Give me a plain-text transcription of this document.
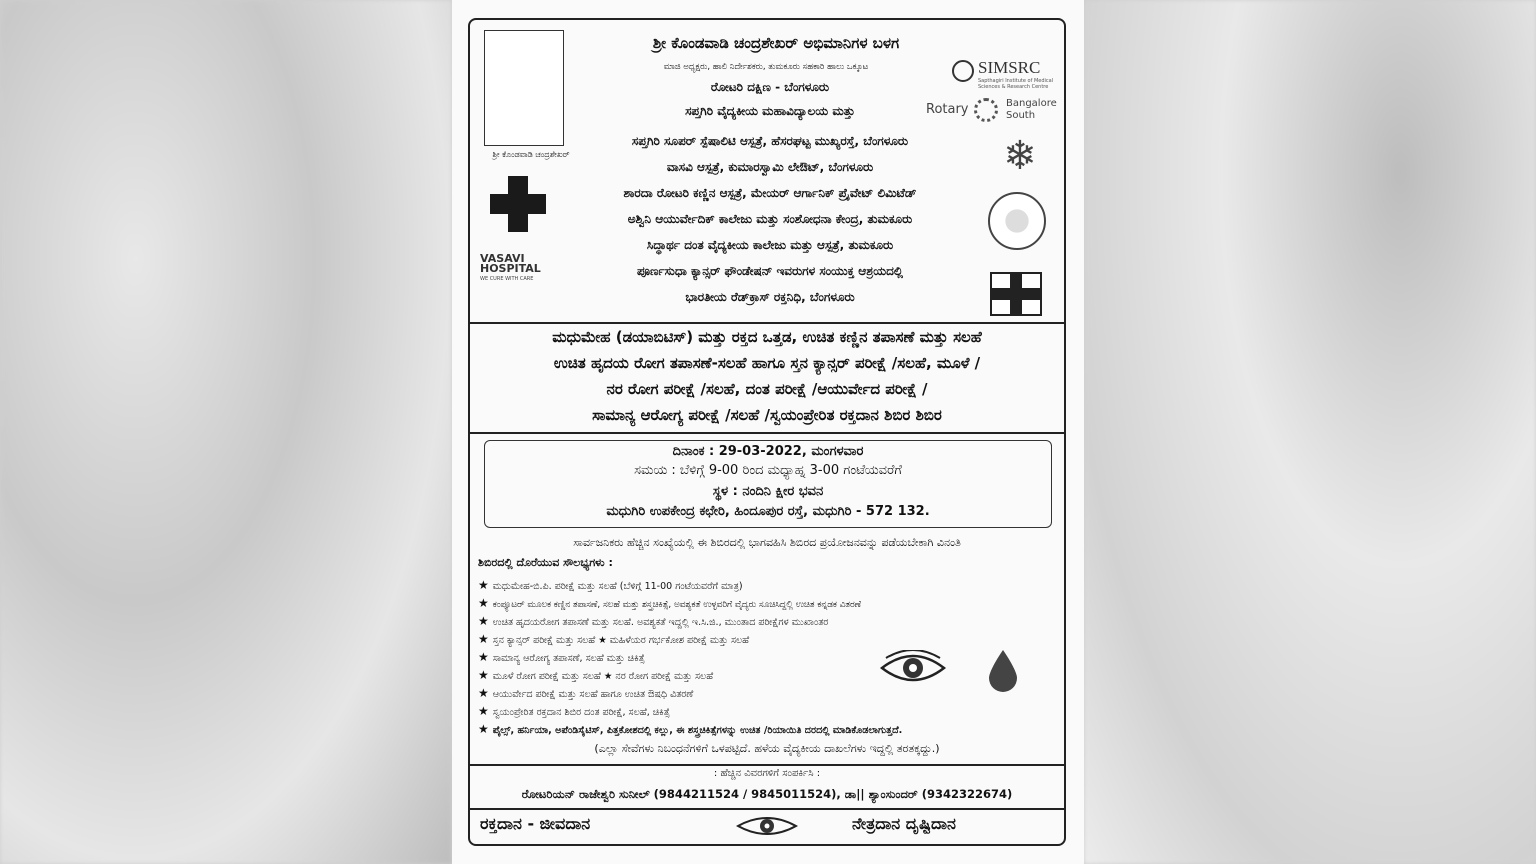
ಶ್ರೀ ಕೊಂಡವಾಡಿ ಚಂದ್ರಶೇಖರ್
ಶ್ರೀ ಕೊಂಡವಾಡಿ ಚಂದ್ರಶೇಖರ್ ಅಭಿಮಾನಿಗಳ ಬಳಗ
ಮಾಜಿ ಅಧ್ಯಕ್ಷರು, ಹಾಲಿ ನಿರ್ದೇಶಕರು, ತುಮಕೂರು ಸಹಕಾರಿ ಹಾಲು ಒಕ್ಕೂಟ
ರೋಟರಿ ದಕ್ಷಿಣ - ಬೆಂಗಳೂರು
ಸಪ್ತಗಿರಿ ವೈದ್ಯಕೀಯ ಮಹಾವಿದ್ಯಾಲಯ ಮತ್ತು
ಸಪ್ತಗಿರಿ ಸೂಪರ್ ಸ್ಪೆಷಾಲಿಟಿ ಆಸ್ಪತ್ರೆ, ಹೆಸರಘಟ್ಟ ಮುಖ್ಯರಸ್ತೆ, ಬೆಂಗಳೂರು
ವಾಸವಿ ಆಸ್ಪತ್ರೆ, ಕುಮಾರಸ್ವಾಮಿ ಲೇಔಟ್, ಬೆಂಗಳೂರು
ಶಾರದಾ ರೋಟರಿ ಕಣ್ಣಿನ ಆಸ್ಪತ್ರೆ, ಮೇಯರ್ ಆರ್ಗಾನಿಕ್ ಪ್ರೈವೇಟ್ ಲಿಮಿಟೆಡ್
ಅಶ್ವಿನಿ ಆಯುರ್ವೇದಿಕ್ ಕಾಲೇಜು ಮತ್ತು ಸಂಶೋಧನಾ ಕೇಂದ್ರ, ತುಮಕೂರು
ಸಿದ್ಧಾರ್ಥ ದಂತ ವೈದ್ಯಕೀಯ ಕಾಲೇಜು ಮತ್ತು ಆಸ್ಪತ್ರೆ, ತುಮಕೂರು
ಪೂರ್ಣಸುಧಾ ಕ್ಯಾನ್ಸರ್ ಫೌಂಡೇಷನ್ ಇವರುಗಳ ಸಂಯುಕ್ತ ಆಶ್ರಯದಲ್ಲಿ
ಭಾರತೀಯ ರೆಡ್‌ಕ್ರಾಸ್ ರಕ್ತನಿಧಿ, ಬೆಂಗಳೂರು
VASAVI
HOSPITAL
WE CURE WITH CARE
SIMSRC
Sapthagiri Institute of Medical Sciences & Research Centre
Rotary	Bangalore
South
❄
ಮಧುಮೇಹ (ಡಯಾಬಿಟಿಸ್) ಮತ್ತು ರಕ್ತದ ಒತ್ತಡ, ಉಚಿತ ಕಣ್ಣಿನ ತಪಾಸಣೆ ಮತ್ತು ಸಲಹೆ
ಉಚಿತ ಹೃದಯ ರೋಗ ತಪಾಸಣೆ-ಸಲಹೆ ಹಾಗೂ ಸ್ತನ ಕ್ಯಾನ್ಸರ್ ಪರೀಕ್ಷೆ /ಸಲಹೆ, ಮೂಳೆ /
ನರ ರೋಗ ಪರೀಕ್ಷೆ /ಸಲಹೆ, ದಂತ ಪರೀಕ್ಷೆ /ಆಯುರ್ವೇದ ಪರೀಕ್ಷೆ /
ಸಾಮಾನ್ಯ ಆರೋಗ್ಯ ಪರೀಕ್ಷೆ /ಸಲಹೆ /ಸ್ವಯಂಪ್ರೇರಿತ ರಕ್ತದಾನ ಶಿಬಿರ ಶಿಬಿರ
ದಿನಾಂಕ : 29-03-2022, ಮಂಗಳವಾರ
ಸಮಯ : ಬೆಳಿಗ್ಗೆ 9-00 ರಿಂದ ಮಧ್ಯಾಹ್ನ 3-00 ಗಂಟೆಯವರೆಗೆ
ಸ್ಥಳ : ನಂದಿನಿ ಕ್ಷೀರ ಭವನ
ಮಧುಗಿರಿ ಉಪಕೇಂದ್ರ ಕಛೇರಿ, ಹಿಂದೂಪುರ ರಸ್ತೆ, ಮಧುಗಿರಿ - 572 132.
ಸಾರ್ವಜನಿಕರು ಹೆಚ್ಚಿನ ಸಂಖ್ಯೆಯಲ್ಲಿ ಈ ಶಿಬಿರದಲ್ಲಿ ಭಾಗವಹಿಸಿ ಶಿಬಿರದ ಪ್ರಯೋಜನವನ್ನು ಪಡೆಯಬೇಕಾಗಿ ವಿನಂತಿ
ಶಿಬಿರದಲ್ಲಿ ದೊರೆಯುವ ಸೌಲಭ್ಯಗಳು :
★ ಮಧುಮೇಹ-ಬಿ.ಪಿ. ಪರೀಕ್ಷೆ ಮತ್ತು ಸಲಹೆ (ಬೆಳಿಗ್ಗೆ 11-00 ಗಂಟೆಯವರೆಗೆ ಮಾತ್ರ)
★ ಕಂಪ್ಯೂಟರ್ ಮೂಲಕ ಕಣ್ಣಿನ ತಪಾಸಣೆ, ಸಲಹೆ ಮತ್ತು ಶಸ್ತ್ರಚಿಕಿತ್ಸೆ, ಅವಶ್ಯಕತೆ ಉಳ್ಳವರಿಗೆ ವೈದ್ಯರು ಸೂಚಿಸಿದ್ದಲ್ಲಿ ಉಚಿತ ಕನ್ನಡಕ ವಿತರಣೆ
★ ಉಚಿತ ಹೃದಯರೋಗ ತಪಾಸಣೆ ಮತ್ತು ಸಲಹೆ. ಅವಶ್ಯಕತೆ ಇದ್ದಲ್ಲಿ ಇ.ಸಿ.ಜಿ., ಮುಂತಾದ ಪರೀಕ್ಷೆಗಳ ಮುಖಾಂತರ
★ ಸ್ತನ ಕ್ಯಾನ್ಸರ್ ಪರೀಕ್ಷೆ ಮತ್ತು ಸಲಹೆ ★ ಮಹಿಳೆಯರ ಗರ್ಭಕೋಶ ಪರೀಕ್ಷೆ ಮತ್ತು ಸಲಹೆ
★ ಸಾಮಾನ್ಯ ಆರೋಗ್ಯ ತಪಾಸಣೆ, ಸಲಹೆ ಮತ್ತು ಚಿಕಿತ್ಸೆ
★ ಮೂಳೆ ರೋಗ ಪರೀಕ್ಷೆ ಮತ್ತು ಸಲಹೆ ★ ನರ ರೋಗ ಪರೀಕ್ಷೆ ಮತ್ತು ಸಲಹೆ
★ ಆಯುರ್ವೇದ ಪರೀಕ್ಷೆ ಮತ್ತು ಸಲಹೆ ಹಾಗೂ ಉಚಿತ ಔಷಧಿ ವಿತರಣೆ
★ ಸ್ವಯಂಪ್ರೇರಿತ ರಕ್ತದಾನ ಶಿಬಿರ ದಂತ ಪರೀಕ್ಷೆ, ಸಲಹೆ, ಚಿಕಿತ್ಸೆ
★ ಪೈಲ್ಸ್, ಹರ್ನಿಯಾ, ಅಪೆಂಡಿಸೈಟಿಸ್, ಪಿತ್ತಕೋಶದಲ್ಲಿ ಕಲ್ಲು, ಈ ಶಸ್ತ್ರಚಿಕಿತ್ಸೆಗಳನ್ನು ಉಚಿತ /ರಿಯಾಯಿತಿ ದರದಲ್ಲಿ ಮಾಡಿಕೊಡಲಾಗುತ್ತದೆ.
(ಎಲ್ಲಾ ಸೇವೆಗಳು ನಿಬಂಧನೆಗಳಿಗೆ ಒಳಪಟ್ಟಿದೆ. ಹಳೆಯ ವೈದ್ಯಕೀಯ ದಾಖಲೆಗಳು ಇದ್ದಲ್ಲಿ ತರತಕ್ಕದ್ದು.)
: ಹೆಚ್ಚಿನ ವಿವರಗಳಿಗೆ ಸಂಪರ್ಕಿಸಿ :
ರೋಟರಿಯನ್ ರಾಜೇಶ್ವರಿ ಸುನೀಲ್ (9844211524 / 9845011524), ಡಾ|| ಶ್ಯಾಂಸುಂದರ್ (9342322674)
ರಕ್ತದಾನ - ಜೀವದಾನ	ನೇತ್ರದಾನ ದೃಷ್ಟಿದಾನ
